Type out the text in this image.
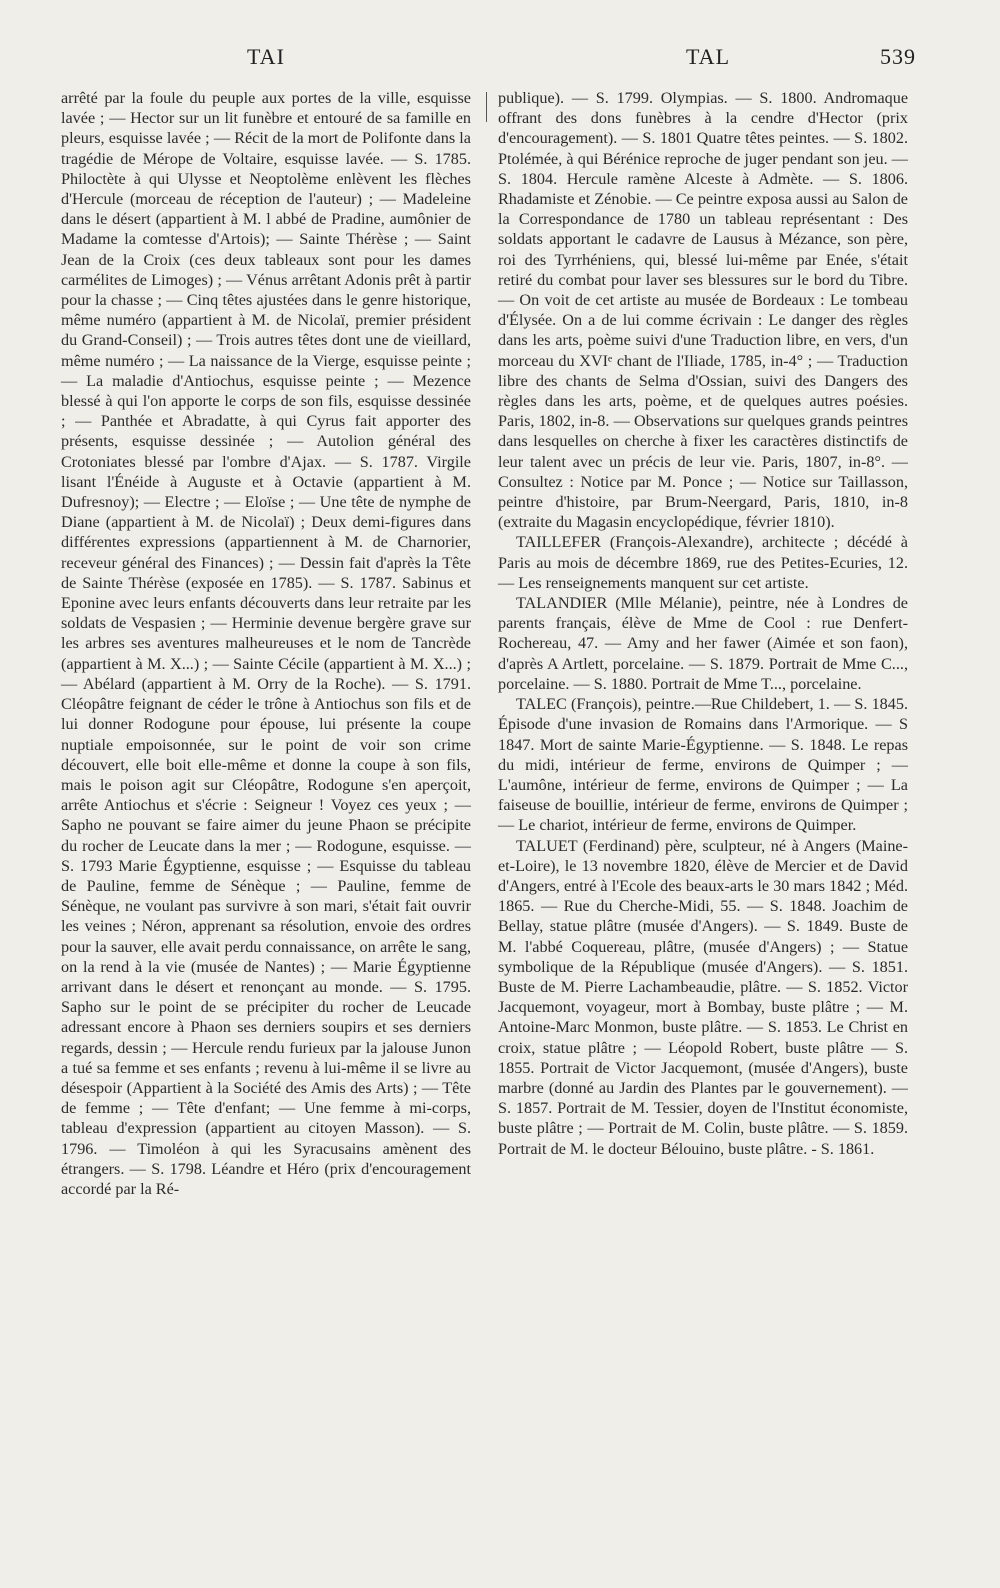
TAI	TAL	539

arrêté par la foule du peuple aux portes de la ville, esquisse lavée ; — Hector sur un lit funèbre et entouré de sa famille en pleurs, esquisse lavée ; — Récit de la mort de Polifonte dans la tragédie de Mérope de Voltaire, esquisse lavée. — S. 1785. Philoctète à qui Ulysse et Neoptolème enlèvent les flèches d'Hercule (morceau de réception de l'auteur) ; — Madeleine dans le désert (appartient à M. l abbé de Pradine, aumônier de Madame la comtesse d'Artois); — Sainte Thérèse ; — Saint Jean de la Croix (ces deux tableaux sont pour les dames carmélites de Limoges) ; — Vénus arrêtant Adonis prêt à partir pour la chasse ; — Cinq têtes ajustées dans le genre historique, même numéro (appartient à M. de Nicolaï, premier président du Grand-Conseil) ; — Trois autres têtes dont une de vieillard, même numéro ; — La naissance de la Vierge, esquisse peinte ; — La maladie d'Antiochus, esquisse peinte ; — Mezence blessé à qui l'on apporte le corps de son fils, esquisse dessinée ; — Panthée et Abradatte, à qui Cyrus fait apporter des présents, esquisse dessinée ; — Autolion général des Crotoniates blessé par l'ombre d'Ajax. — S. 1787. Virgile lisant l'Énéide à Auguste et à Octavie (appartient à M. Dufresnoy); — Electre ; — Eloïse ; — Une tête de nymphe de Diane (appartient à M. de Nicolaï) ; Deux demi-figures dans différentes expressions (appartiennent à M. de Charnorier, receveur général des Finances) ; — Dessin fait d'après la Tête de Sainte Thérèse (exposée en 1785). — S. 1787. Sabinus et Eponine avec leurs enfants découverts dans leur retraite par les soldats de Vespasien ; — Herminie devenue bergère grave sur les arbres ses aventures malheureuses et le nom de Tancrède (appartient à M. X...) ; — Sainte Cécile (appartient à M. X...) ; — Abélard (appartient à M. Orry de la Roche). — S. 1791. Cléopâtre feignant de céder le trône à Antiochus son fils et de lui donner Rodogune pour épouse, lui présente la coupe nuptiale empoisonnée, sur le point de voir son crime découvert, elle boit elle-même et donne la coupe à son fils, mais le poison agit sur Cléopâtre, Rodogune s'en aperçoit, arrête Antiochus et s'écrie : Seigneur ! Voyez ces yeux ; — Sapho ne pouvant se faire aimer du jeune Phaon se précipite du rocher de Leucate dans la mer ; — Rodogune, esquisse. — S. 1793 Marie Égyptienne, esquisse ; — Esquisse du tableau de Pauline, femme de Sénèque ; — Pauline, femme de Sénèque, ne voulant pas survivre à son mari, s'était fait ouvrir les veines ; Néron, apprenant sa résolution, envoie des ordres pour la sauver, elle avait perdu connaissance, on arrête le sang, on la rend à la vie (musée de Nantes) ; — Marie Égyptienne arrivant dans le désert et renonçant au monde. — S. 1795. Sapho sur le point de se précipiter du rocher de Leucade adressant encore à Phaon ses derniers soupirs et ses derniers regards, dessin ; — Hercule rendu furieux par la jalouse Junon a tué sa femme et ses enfants ; revenu à lui-même il se livre au désespoir (Appartient à la Société des Amis des Arts) ; — Tête de femme ; — Tête d'enfant; — Une femme à mi-corps, tableau d'expression (appartient au citoyen Masson). — S. 1796. — Timoléon à qui les Syracusains amènent des étrangers. — S. 1798. Léandre et Héro (prix d'encouragement accordé par la Ré-

publique). — S. 1799. Olympias. — S. 1800. Andromaque offrant des dons funèbres à la cendre d'Hector (prix d'encouragement). — S. 1801 Quatre têtes peintes. — S. 1802. Ptolémée, à qui Bérénice reproche de juger pendant son jeu. — S. 1804. Hercule ramène Alceste à Admète. — S. 1806. Rhadamiste et Zénobie. — Ce peintre exposa aussi au Salon de la Correspondance de 1780 un tableau représentant : Des soldats apportant le cadavre de Lausus à Mézance, son père, roi des Tyrrhéniens, qui, blessé lui-même par Enée, s'était retiré du combat pour laver ses blessures sur le bord du Tibre. — On voit de cet artiste au musée de Bordeaux : Le tombeau d'Élysée. On a de lui comme écrivain : Le danger des règles dans les arts, poème suivi d'une Traduction libre, en vers, d'un morceau du XVIᵉ chant de l'Iliade, 1785, in-4° ; — Traduction libre des chants de Selma d'Ossian, suivi des Dangers des règles dans les arts, poème, et de quelques autres poésies. Paris, 1802, in-8. — Observations sur quelques grands peintres dans lesquelles on cherche à fixer les caractères distinctifs de leur talent avec un précis de leur vie. Paris, 1807, in-8°. — Consultez : Notice par M. Ponce ; — Notice sur Taillasson, peintre d'histoire, par Brum-Neergard, Paris, 1810, in-8 (extraite du Magasin encyclopédique, février 1810).

TAILLEFER (François-Alexandre), architecte ; décédé à Paris au mois de décembre 1869, rue des Petites-Ecuries, 12. — Les renseignements manquent sur cet artiste.

TALANDIER (Mlle Mélanie), peintre, née à Londres de parents français, élève de Mme de Cool : rue Denfert-Rochereau, 47. — Amy and her fawer (Aimée et son faon), d'après A Artlett, porcelaine. — S. 1879. Portrait de Mme C..., porcelaine. — S. 1880. Portrait de Mme T..., porcelaine.

TALEC (François), peintre.—Rue Childebert, 1. — S. 1845. Épisode d'une invasion de Romains dans l'Armorique. — S 1847. Mort de sainte Marie-Égyptienne. — S. 1848. Le repas du midi, intérieur de ferme, environs de Quimper ; — L'aumône, intérieur de ferme, environs de Quimper ; — La faiseuse de bouillie, intérieur de ferme, environs de Quimper ; — Le chariot, intérieur de ferme, environs de Quimper.

TALUET (Ferdinand) père, sculpteur, né à Angers (Maine-et-Loire), le 13 novembre 1820, élève de Mercier et de David d'Angers, entré à l'Ecole des beaux-arts le 30 mars 1842 ; Méd. 1865. — Rue du Cherche-Midi, 55. — S. 1848. Joachim de Bellay, statue plâtre (musée d'Angers). — S. 1849. Buste de M. l'abbé Coquereau, plâtre, (musée d'Angers) ; — Statue symbolique de la République (musée d'Angers). — S. 1851. Buste de M. Pierre Lachambeaudie, plâtre. — S. 1852. Victor Jacquemont, voyageur, mort à Bombay, buste plâtre ; — M. Antoine-Marc Monmon, buste plâtre. — S. 1853. Le Christ en croix, statue plâtre ; — Léopold Robert, buste plâtre — S. 1855. Portrait de Victor Jacquemont, (musée d'Angers), buste marbre (donné au Jardin des Plantes par le gouvernement). — S. 1857. Portrait de M. Tessier, doyen de l'Institut économiste, buste plâtre ; — Portrait de M. Colin, buste plâtre. — S. 1859. Portrait de M. le docteur Bélouino, buste plâtre. - S. 1861.
